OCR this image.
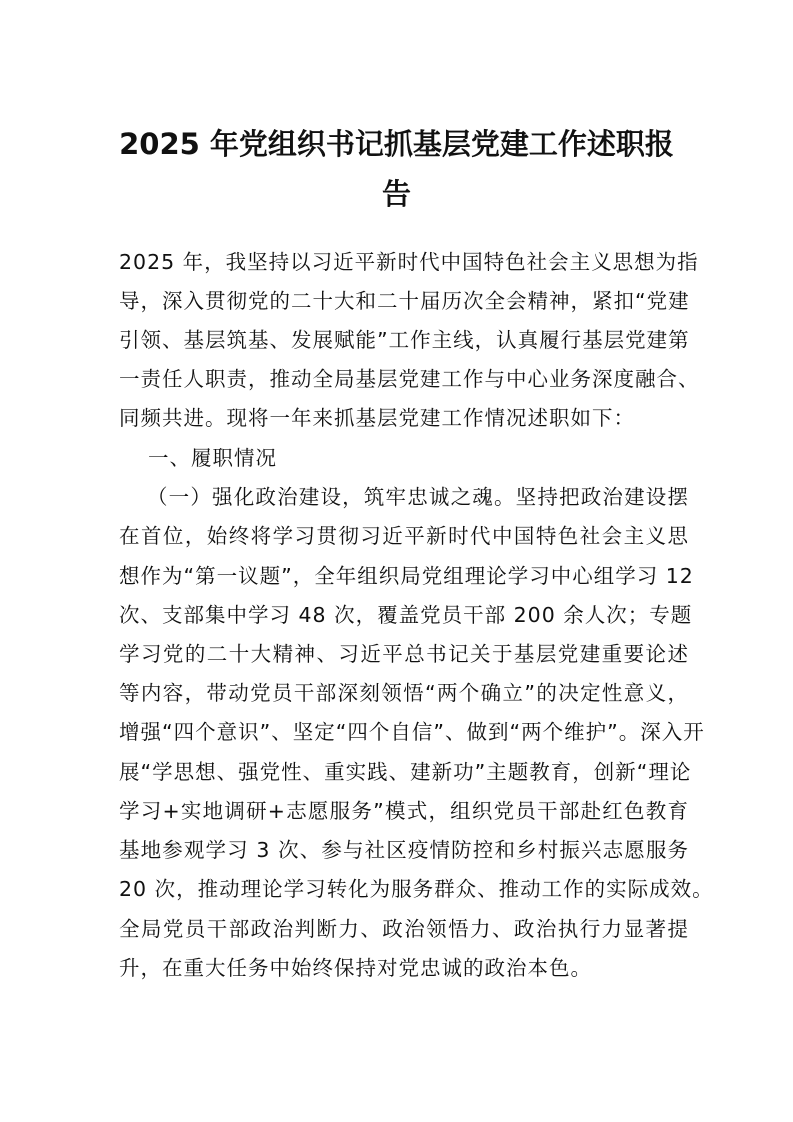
2025 年党组织书记抓基层党建工作述职报
告
2025 年，我坚持以习近平新时代中国特色社会主义思想为指
导，深入贯彻党的二十大和二十届历次全会精神，紧扣“党建
引领、基层筑基、发展赋能”工作主线，认真履行基层党建第
一责任人职责，推动全局基层党建工作与中心业务深度融合、
同频共进。现将一年来抓基层党建工作情况述职如下：
一、履职情况
（一）强化政治建设，筑牢忠诚之魂。坚持把政治建设摆
在首位，始终将学习贯彻习近平新时代中国特色社会主义思
想作为“第一议题”，全年组织局党组理论学习中心组学习 12
次、支部集中学习 48 次，覆盖党员干部 200 余人次；专题
学习党的二十大精神、习近平总书记关于基层党建重要论述
等内容，带动党员干部深刻领悟“两个确立”的决定性意义，
增强“四个意识”、坚定“四个自信”、做到“两个维护”。深入开
展“学思想、强党性、重实践、建新功”主题教育，创新“理论
学习+实地调研+志愿服务”模式，组织党员干部赴红色教育
基地参观学习 3 次、参与社区疫情防控和乡村振兴志愿服务
20 次，推动理论学习转化为服务群众、推动工作的实际成效。
全局党员干部政治判断力、政治领悟力、政治执行力显著提
升，在重大任务中始终保持对党忠诚的政治本色。
